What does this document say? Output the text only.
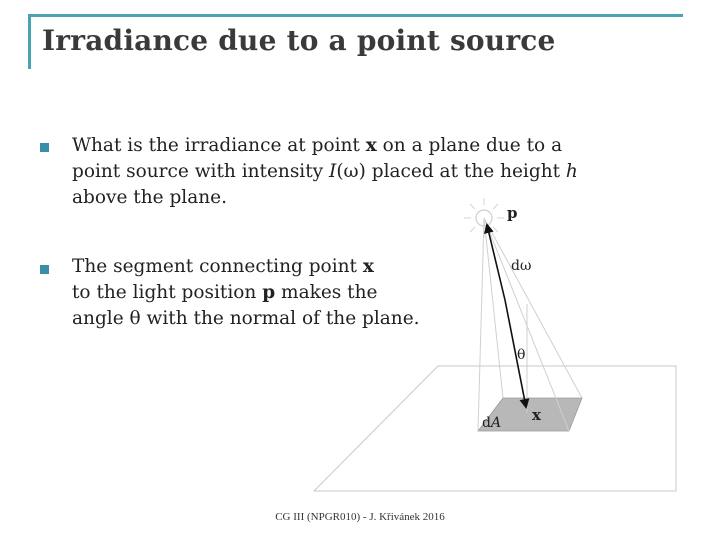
Irradiance due to a point source
What is the irradiance at point x on a plane due to a
point source with intensity I(ω) placed at the height h
above the plane.
The segment connecting point x
to the light position p makes the
angle θ with the normal of the plane.
p
dω
θ
x
dA
CG III (NPGR010) - J. Křivánek 2016
